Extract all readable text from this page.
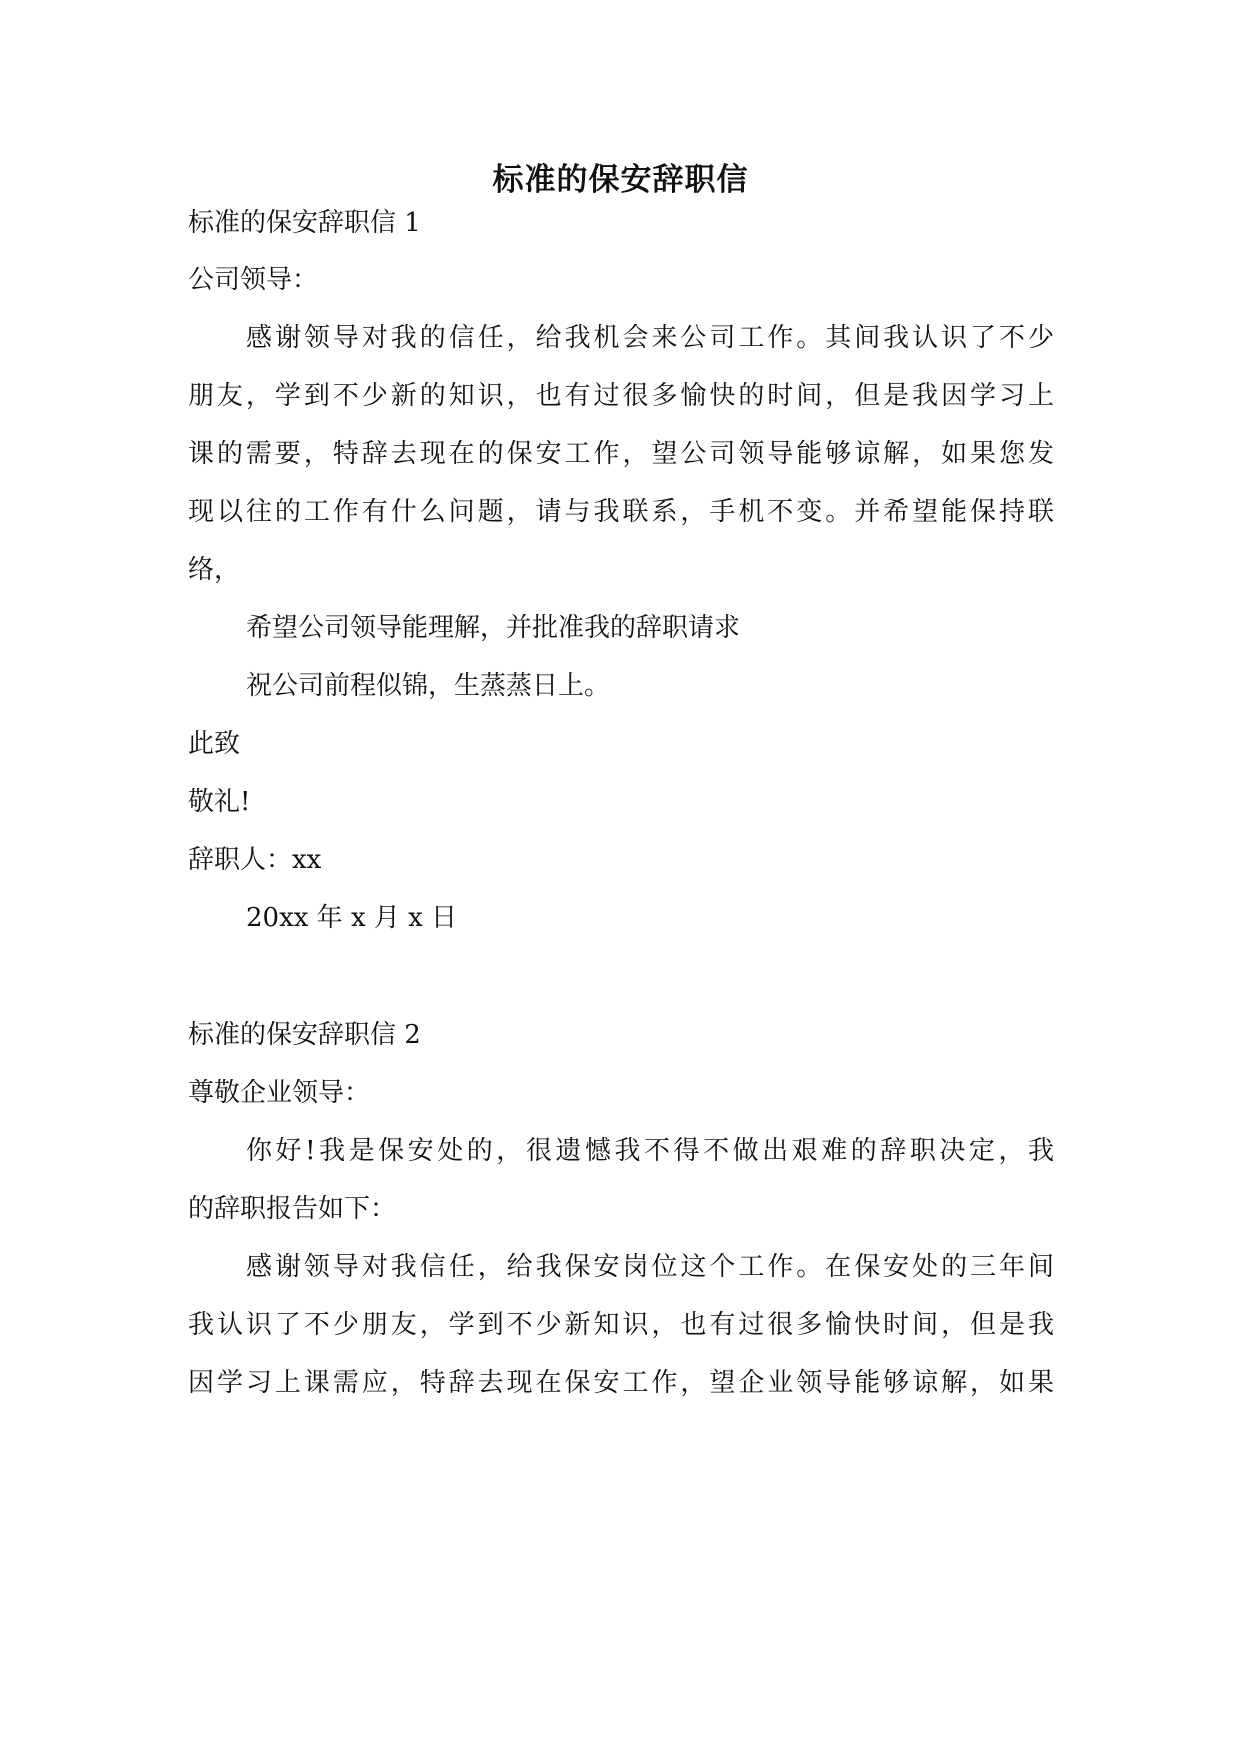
标准的保安辞职信
标准的保安辞职信 1
公司领导：
感谢领导对我的信任，给我机会来公司工作。其间我认识了不少
朋友，学到不少新的知识，也有过很多愉快的时间，但是我因学习上
课的需要，特辞去现在的保安工作，望公司领导能够谅解，如果您发
现以往的工作有什么问题，请与我联系，手机不变。并希望能保持联
络，
希望公司领导能理解，并批准我的辞职请求
祝公司前程似锦，生蒸蒸日上。
此致
敬礼!
辞职人：xx
20xx 年 x 月 x 日
标准的保安辞职信 2
尊敬企业领导：
你好!我是保安处的，很遗憾我不得不做出艰难的辞职决定，我
的辞职报告如下：
感谢领导对我信任，给我保安岗位这个工作。在保安处的三年间
我认识了不少朋友，学到不少新知识，也有过很多愉快时间，但是我
因学习上课需应，特辞去现在保安工作，望企业领导能够谅解，如果
